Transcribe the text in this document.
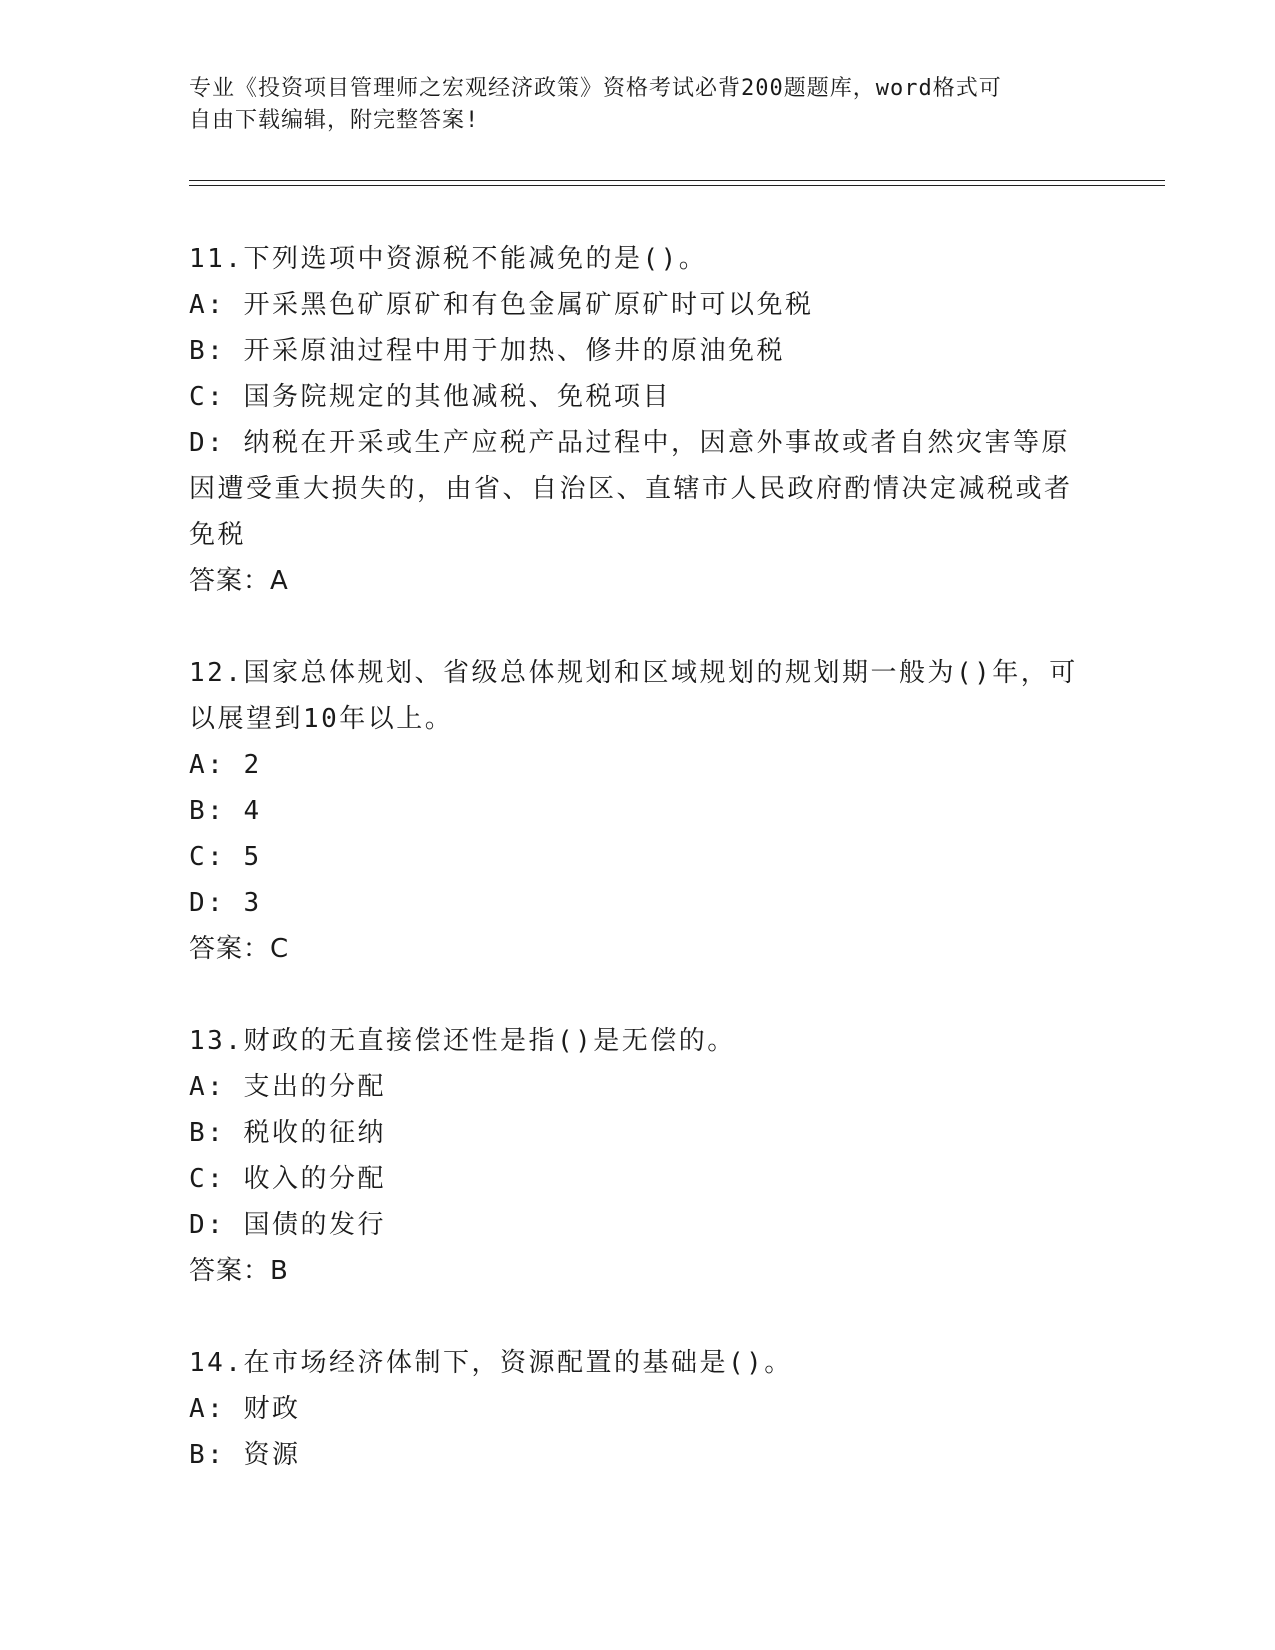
专业《投资项目管理师之宏观经济政策》资格考试必背200题题库，word格式可
自由下载编辑，附完整答案!

11.下列选项中资源税不能减免的是()。

A: 开采黑色矿原矿和有色金属矿原矿时可以免税

B: 开采原油过程中用于加热、修井的原油免税

C: 国务院规定的其他减税、免税项目

D: 纳税在开采或生产应税产品过程中，因意外事故或者自然灾害等原因遭受重大损失的，由省、自治区、直辖市人民政府酌情决定减税或者免税

答案：A

12.国家总体规划、省级总体规划和区域规划的规划期一般为()年，可以展望到10年以上。

A: 2

B: 4

C: 5

D: 3

答案：C

13.财政的无直接偿还性是指()是无偿的。

A: 支出的分配

B: 税收的征纳

C: 收入的分配

D: 国债的发行

答案：B

14.在市场经济体制下，资源配置的基础是()。

A: 财政

B: 资源
